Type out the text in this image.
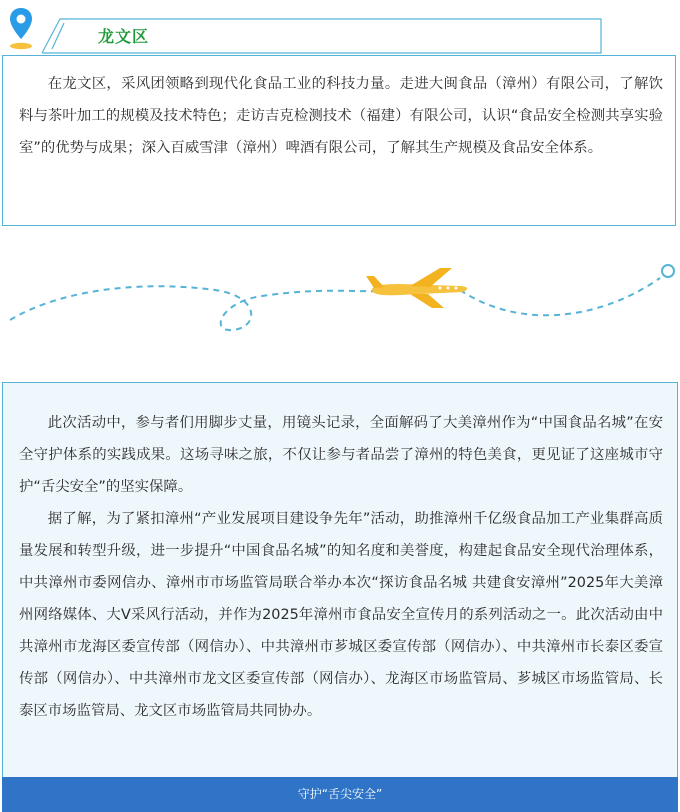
龙文区

在龙文区，采风团领略到现代化食品工业的科技力量。走进大闽食品（漳州）有限公司，了解饮料与茶叶加工的规模及技术特色；走访吉克检测技术（福建）有限公司，认识“食品安全检测共享实验室”的优势与成果；深入百威雪津（漳州）啤酒有限公司，了解其生产规模及食品安全体系。

此次活动中，参与者们用脚步丈量，用镜头记录，全面解码了大美漳州作为“中国食品名城”在安全守护体系的实践成果。这场寻味之旅，不仅让参与者品尝了漳州的特色美食，更见证了这座城市守护“舌尖安全”的坚实保障。

据了解，为了紧扣漳州“产业发展项目建设争先年”活动，助推漳州千亿级食品加工产业集群高质量发展和转型升级，进一步提升“中国食品名城”的知名度和美誉度，构建起食品安全现代治理体系，中共漳州市委网信办、漳州市市场监管局联合举办本次“探访食品名城 共建食安漳州”2025年大美漳州网络媒体、大V采风行活动，并作为2025年漳州市食品安全宣传月的系列活动之一。此次活动由中共漳州市龙海区委宣传部（网信办）、中共漳州市芗城区委宣传部（网信办）、中共漳州市长泰区委宣传部（网信办）、中共漳州市龙文区委宣传部（网信办）、龙海区市场监管局、芗城区市场监管局、长泰区市场监管局、龙文区市场监管局共同协办。

守护“舌尖安全”
